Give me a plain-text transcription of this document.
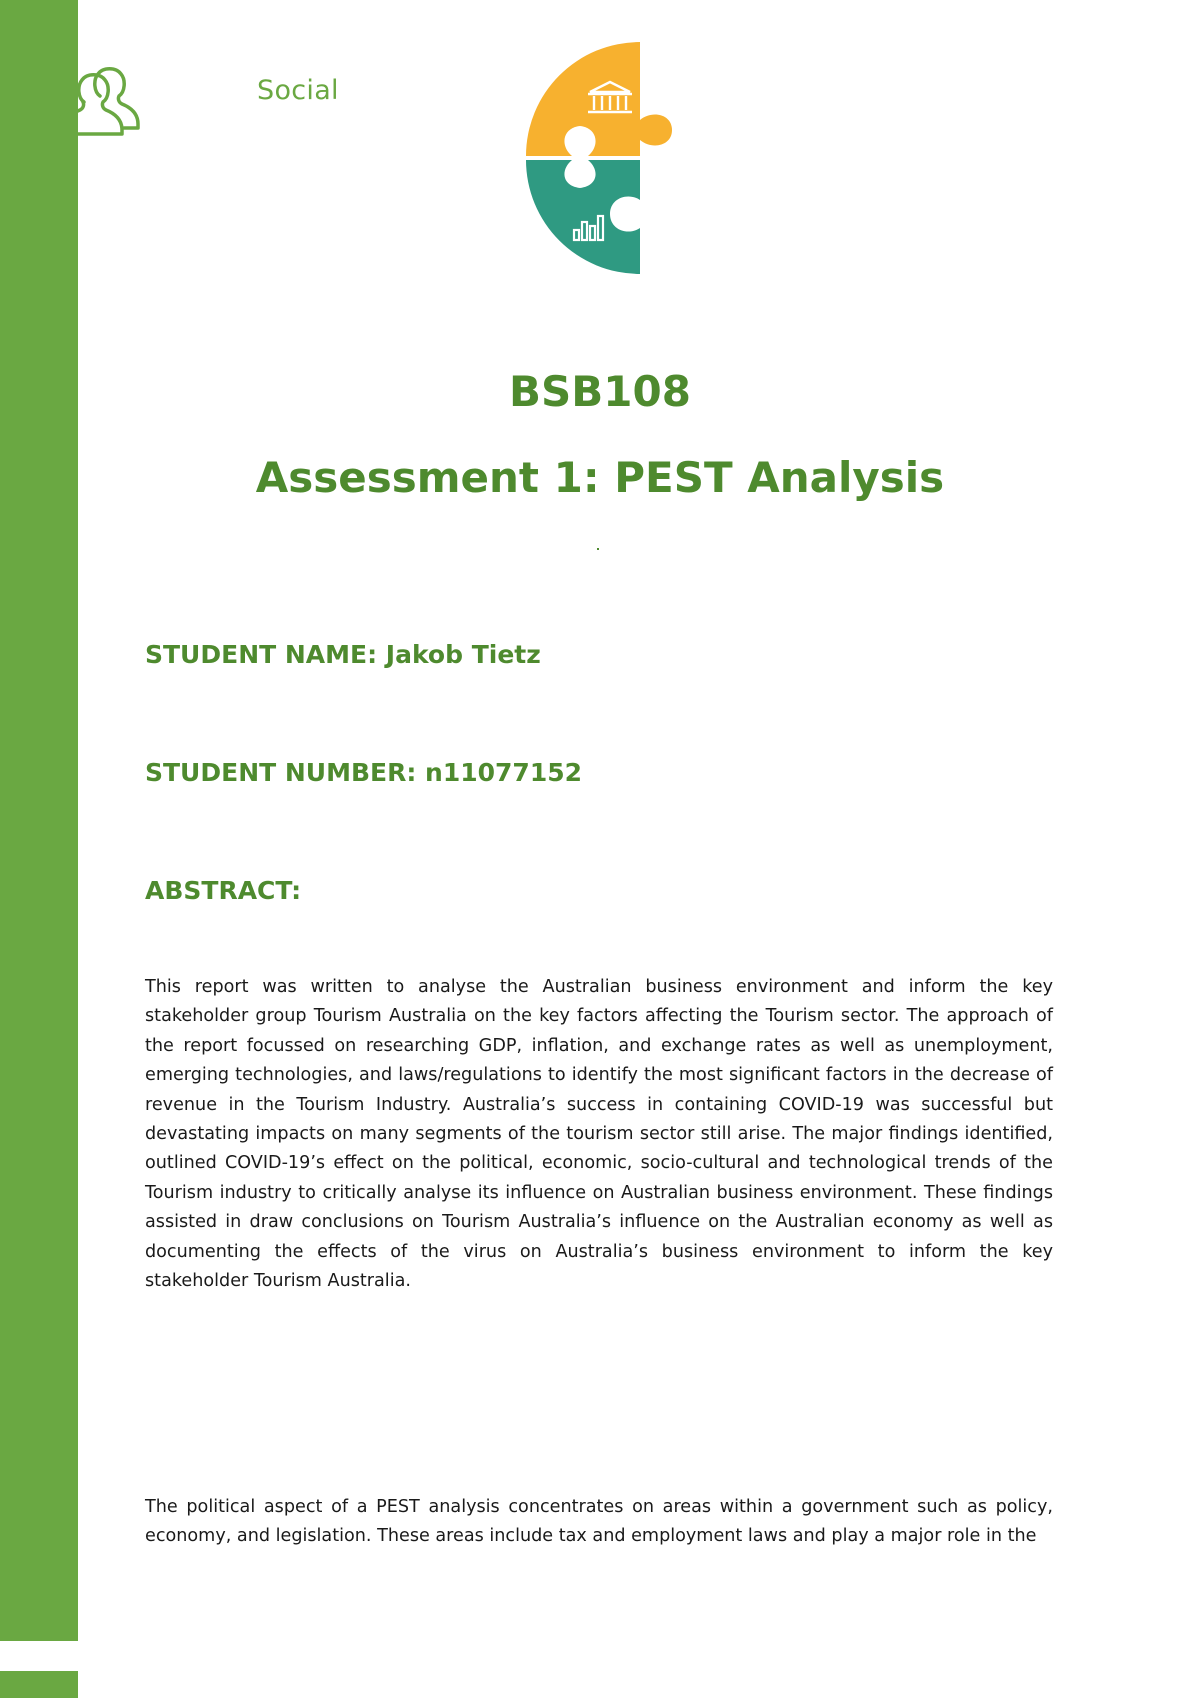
Social
BSB108
Assessment 1: PEST Analysis
STUDENT NAME: Jakob Tietz
STUDENT NUMBER: n11077152
ABSTRACT:

This report was written to analyse the Australian business environment and inform the key stakeholder group Tourism Australia on the key factors affecting the Tourism sector. The approach of the report focussed on researching GDP, inflation, and exchange rates as well as unemployment, emerging technologies, and laws/regulations to identify the most significant factors in the decrease of revenue in the Tourism Industry. Australia’s success in containing COVID-19 was successful but devastating impacts on many segments of the tourism sector still arise. The major findings identified, outlined COVID-19’s effect on the political, economic, socio-cultural and technological trends of the Tourism industry to critically analyse its influence on Australian business environment. These findings assisted in draw conclusions on Tourism Australia’s influence on the Australian economy as well as documenting the effects of the virus on Australia’s business environment to inform the key stakeholder Tourism Australia.

The political aspect of a PEST analysis concentrates on areas within a government such as policy, economy, and legislation. These areas include tax and employment laws and play a major role in the
